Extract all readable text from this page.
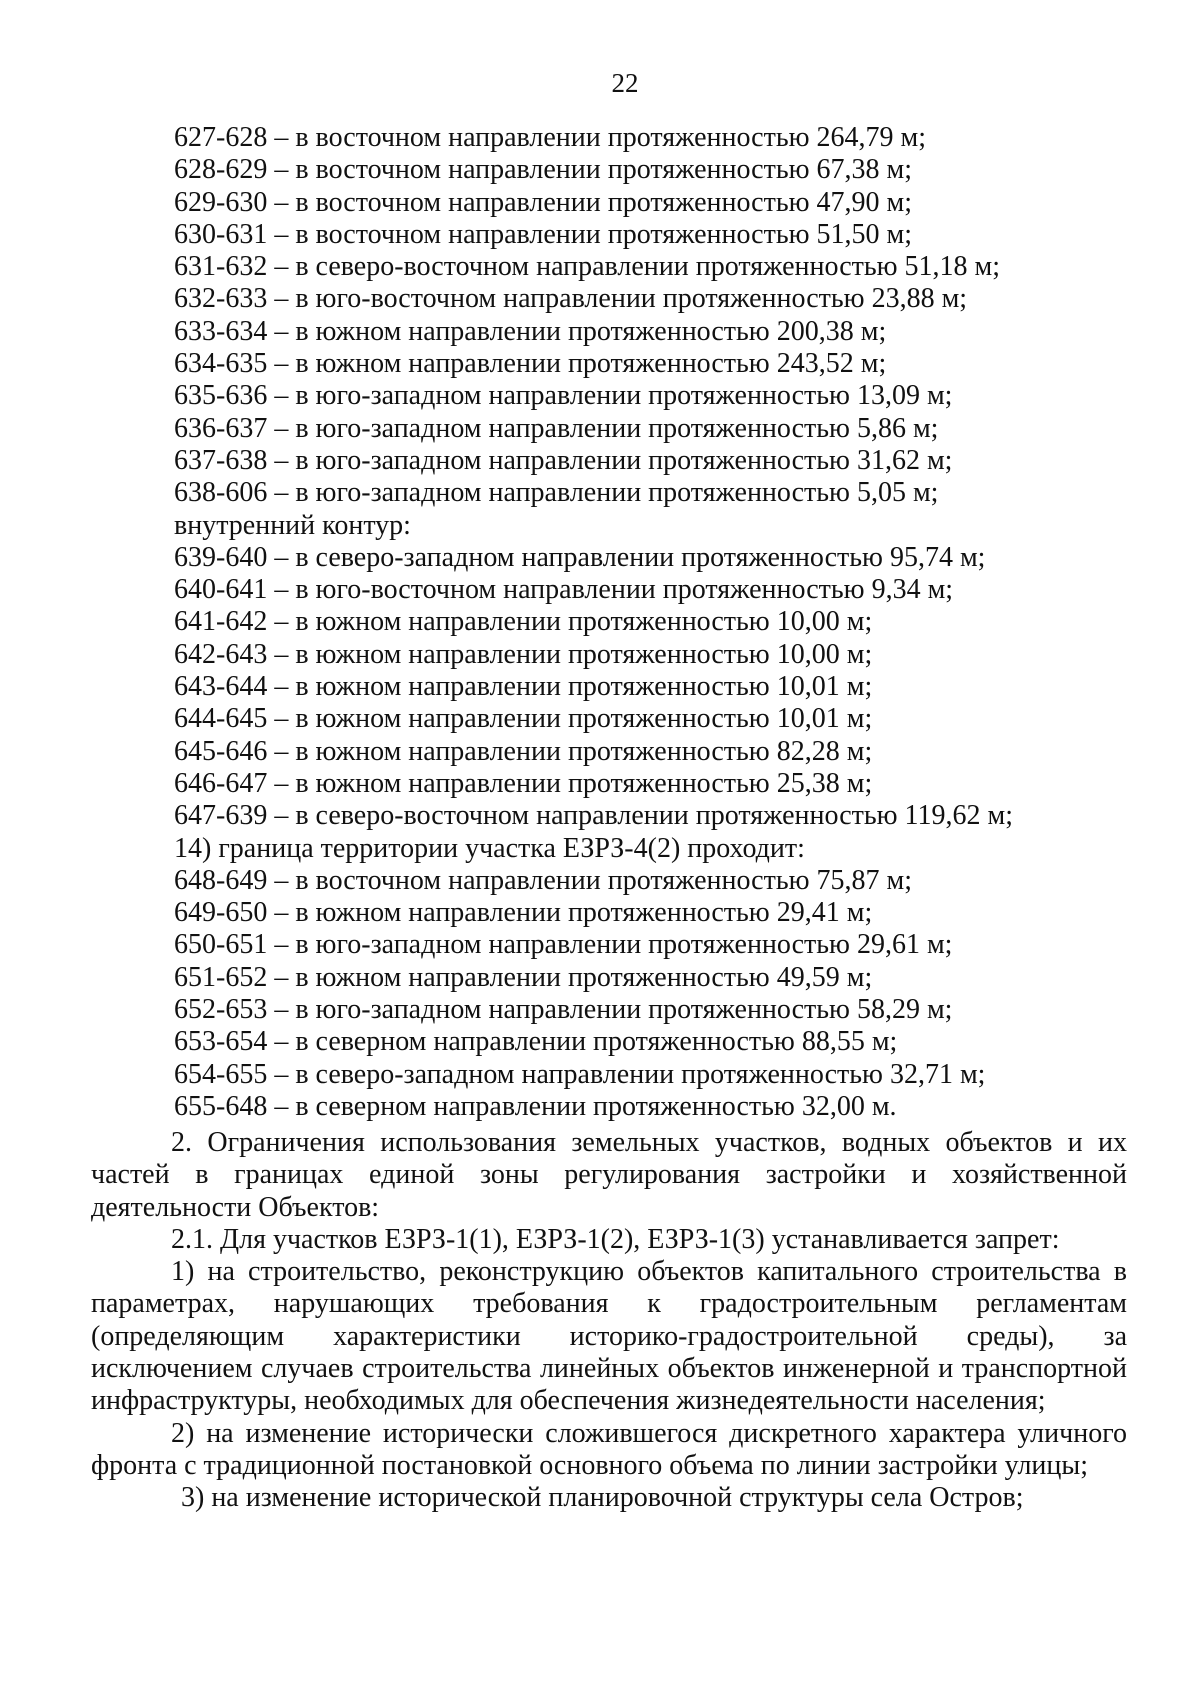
22
627-628 – в восточном направлении протяженностью 264,79 м;
628-629 – в восточном направлении протяженностью 67,38 м;
629-630 – в восточном направлении протяженностью 47,90 м;
630-631 – в восточном направлении протяженностью 51,50 м;
631-632 – в северо-восточном направлении протяженностью 51,18 м;
632-633 – в юго-восточном направлении протяженностью 23,88 м;
633-634 – в южном направлении протяженностью 200,38 м;
634-635 – в южном направлении протяженностью 243,52 м;
635-636 – в юго-западном направлении протяженностью 13,09 м;
636-637 – в юго-западном направлении протяженностью 5,86 м;
637-638 – в юго-западном направлении протяженностью 31,62 м;
638-606 – в юго-западном направлении протяженностью 5,05 м;
внутренний контур:
639-640 – в северо-западном направлении протяженностью 95,74 м;
640-641 – в юго-восточном направлении протяженностью 9,34 м;
641-642 – в южном направлении протяженностью 10,00 м;
642-643 – в южном направлении протяженностью 10,00 м;
643-644 – в южном направлении протяженностью 10,01 м;
644-645 – в южном направлении протяженностью 10,01 м;
645-646 – в южном направлении протяженностью 82,28 м;
646-647 – в южном направлении протяженностью 25,38 м;
647-639 – в северо-восточном направлении протяженностью 119,62 м;
14) граница территории участка ЕЗРЗ-4(2) проходит:
648-649 – в восточном направлении протяженностью 75,87 м;
649-650 – в южном направлении протяженностью 29,41 м;
650-651 – в юго-западном направлении протяженностью 29,61 м;
651-652 – в южном направлении протяженностью 49,59 м;
652-653 – в юго-западном направлении протяженностью 58,29 м;
653-654 – в северном направлении протяженностью 88,55 м;
654-655 – в северо-западном направлении протяженностью 32,71 м;
655-648 – в северном направлении протяженностью 32,00 м.

2. Ограничения использования земельных участков, водных объектов и их частей в границах единой зоны регулирования застройки и хозяйственной деятельности Объектов:

2.1. Для участков ЕЗРЗ-1(1), ЕЗРЗ-1(2), ЕЗРЗ-1(3) устанавливается запрет:

1) на строительство, реконструкцию объектов капитального строительства в параметрах, нарушающих требования к градостроительным регламентам (определяющим характеристики историко-градостроительной среды), за исключением случаев строительства линейных объектов инженерной и транспортной инфраструктуры, необходимых для обеспечения жизнедеятельности населения;

2) на изменение исторически сложившегося дискретного характера уличного фронта с традиционной постановкой основного объема по линии застройки улицы;

3) на изменение исторической планировочной структуры села Остров;
